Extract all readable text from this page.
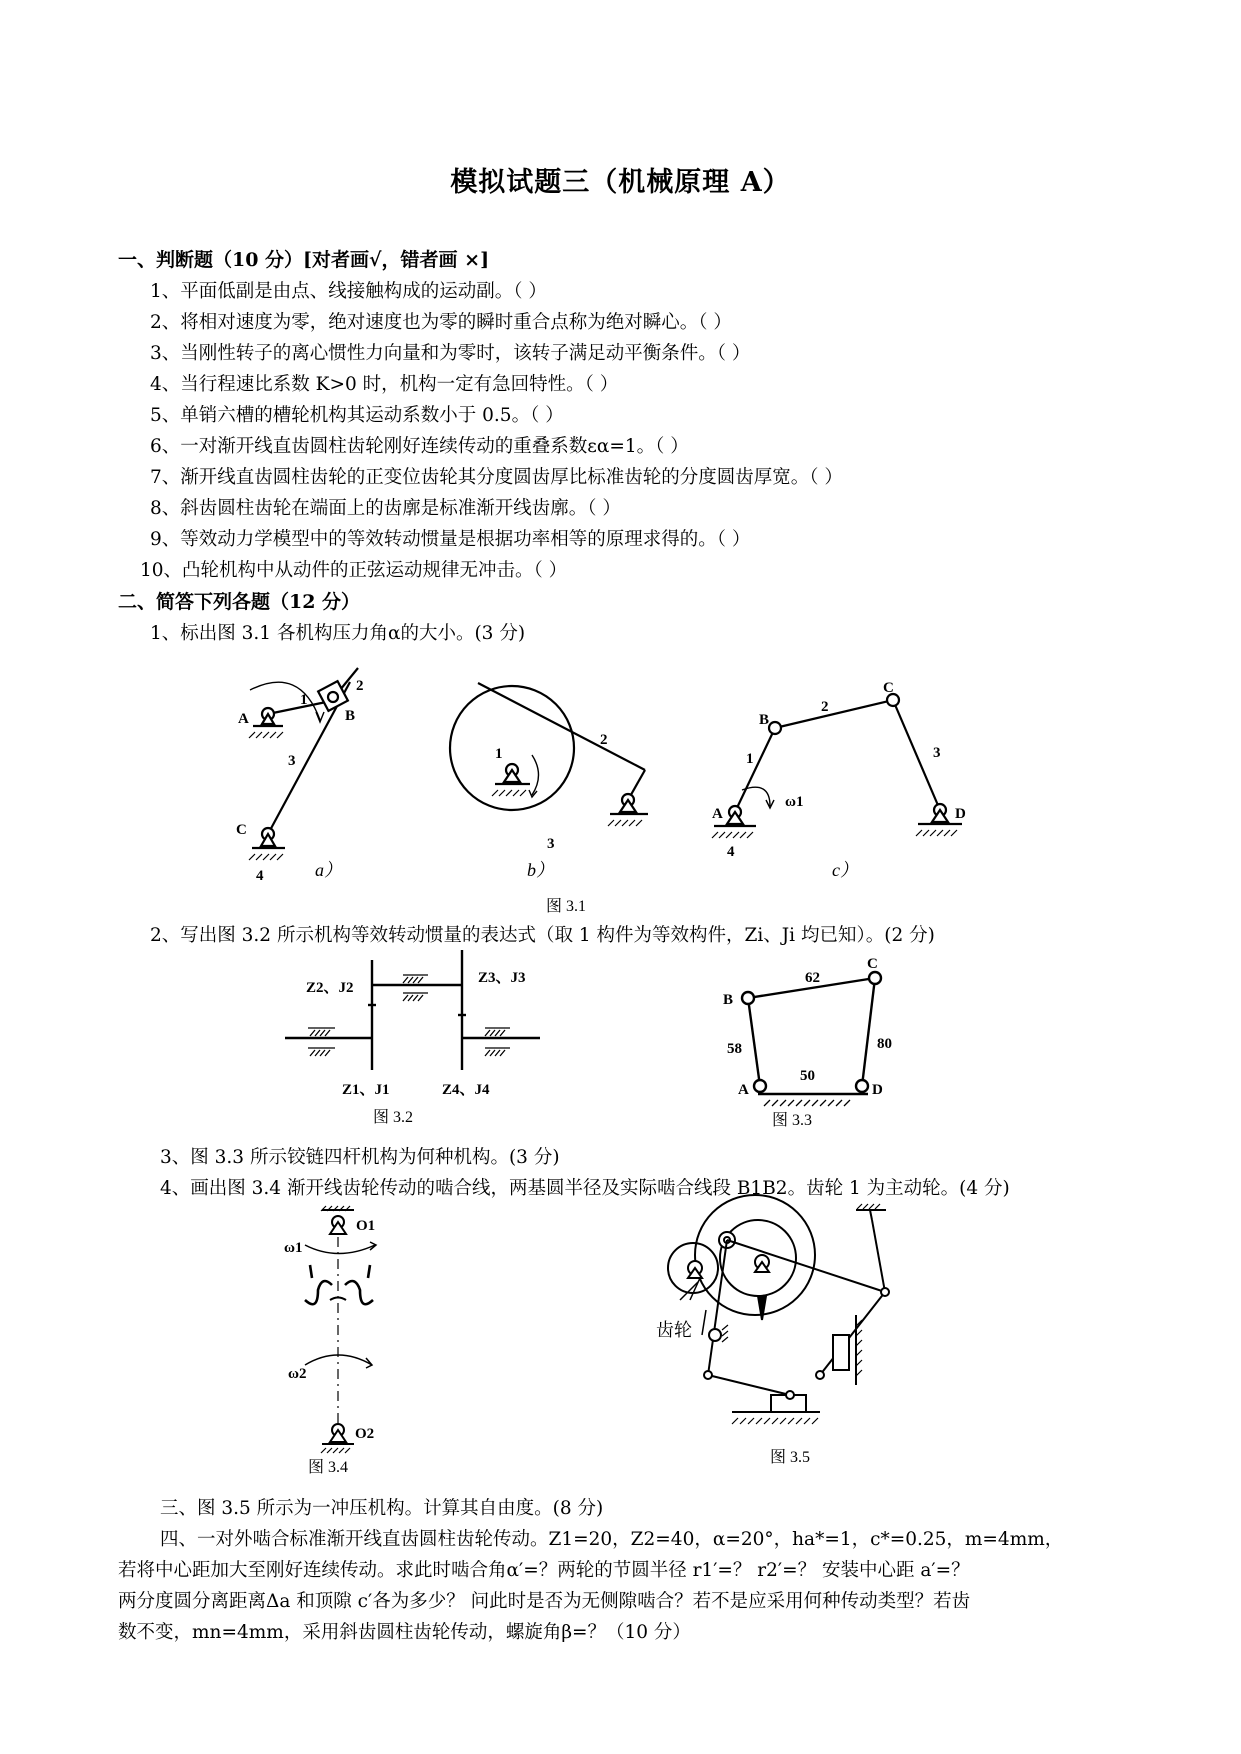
模拟试题三（机械原理 A）
一、判断题（10 分）[对者画√，错者画 ×]
1、平面低副是由点、线接触构成的运动副。（ ）
2、将相对速度为零，绝对速度也为零的瞬时重合点称为绝对瞬心。（ ）
3、当刚性转子的离心惯性力向量和为零时，该转子满足动平衡条件。（ ）
4、当行程速比系数 K>0 时，机构一定有急回特性。（ ）
5、单销六槽的槽轮机构其运动系数小于 0.5。（ ）
6、一对渐开线直齿圆柱齿轮刚好连续传动的重叠系数εα=1。（ ）
7、渐开线直齿圆柱齿轮的正变位齿轮其分度圆齿厚比标准齿轮的分度圆齿厚宽。（ ）
8、斜齿圆柱齿轮在端面上的齿廓是标准渐开线齿廓。（ ）
9、等效动力学模型中的等效转动惯量是根据功率相等的原理求得的。（ ）
10、凸轮机构中从动件的正弦运动规律无冲击。（ ）
二、简答下列各题（12 分）
1、标出图 3.1 各机构压力角α的大小。(3 分)
1
2
A	B
3
C
4
1
2
3
B
2
C
1	3
A
ω1
D
4
a）	b）	c）
图 3.1
2、写出图 3.2 所示机构等效转动惯量的表达式（取 1 构件为等效构件，Zi、Ji 均已知）。(2 分)
Z2、J2
Z3、J3
Z1、J1	Z4、J4
B
C
62
58	80
50
A	D
图 3.2	图 3.3
3、图 3.3 所示铰链四杆机构为何种机构。(3 分)
4、画出图 3.4 渐开线齿轮传动的啮合线，两基圆半径及实际啮合线段 B1B2。齿轮 1 为主动轮。(4 分)
O1
ω1
ω2
O2
图 3.4
齿轮
图 3.5
三、图 3.5 所示为一冲压机构。计算其自由度。(8 分)
四、一对外啮合标准渐开线直齿圆柱齿轮传动。Z1=20，Z2=40，α=20°，ha*=1，c*=0.25，m=4mm，
若将中心距加大至刚好连续传动。求此时啮合角α′=？两轮的节圆半径 r1′=？ r2′=？ 安装中心距 a′=？
两分度圆分离距离Δa 和顶隙 c′各为多少？ 问此时是否为无侧隙啮合？若不是应采用何种传动类型？若齿
数不变，mn=4mm，采用斜齿圆柱齿轮传动，螺旋角β=？（10 分）
